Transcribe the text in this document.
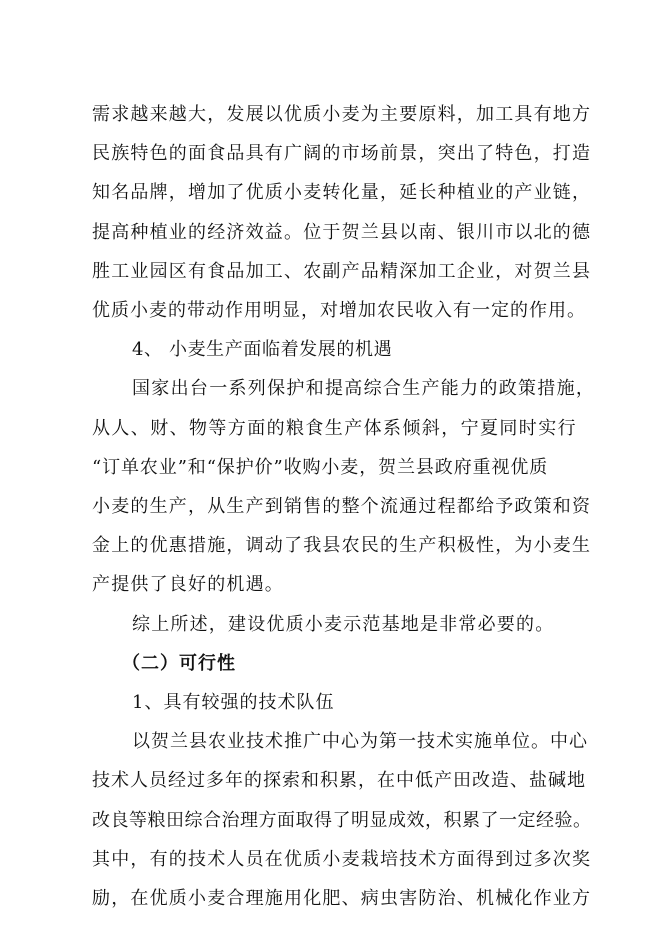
需求越来越大，发展以优质小麦为主要原料，加工具有地方
民族特色的面食品具有广阔的市场前景，突出了特色，打造
知名品牌，增加了优质小麦转化量，延长种植业的产业链，
提高种植业的经济效益。位于贺兰县以南、银川市以北的德
胜工业园区有食品加工、农副产品精深加工企业，对贺兰县
优质小麦的带动作用明显，对增加农民收入有一定的作用。
4、 小麦生产面临着发展的机遇
国家出台一系列保护和提高综合生产能力的政策措施，
从人、财、物等方面的粮食生产体系倾斜，宁夏同时实行
“订单农业”和“保护价”收购小麦，贺兰县政府重视优质
小麦的生产，从生产到销售的整个流通过程都给予政策和资
金上的优惠措施，调动了我县农民的生产积极性，为小麦生
产提供了良好的机遇。
综上所述，建设优质小麦示范基地是非常必要的。
（二）可行性
1、具有较强的技术队伍
以贺兰县农业技术推广中心为第一技术实施单位。中心
技术人员经过多年的探索和积累，在中低产田改造、盐碱地
改良等粮田综合治理方面取得了明显成效，积累了一定经验。
其中，有的技术人员在优质小麦栽培技术方面得到过多次奖
励，在优质小麦合理施用化肥、病虫害防治、机械化作业方
